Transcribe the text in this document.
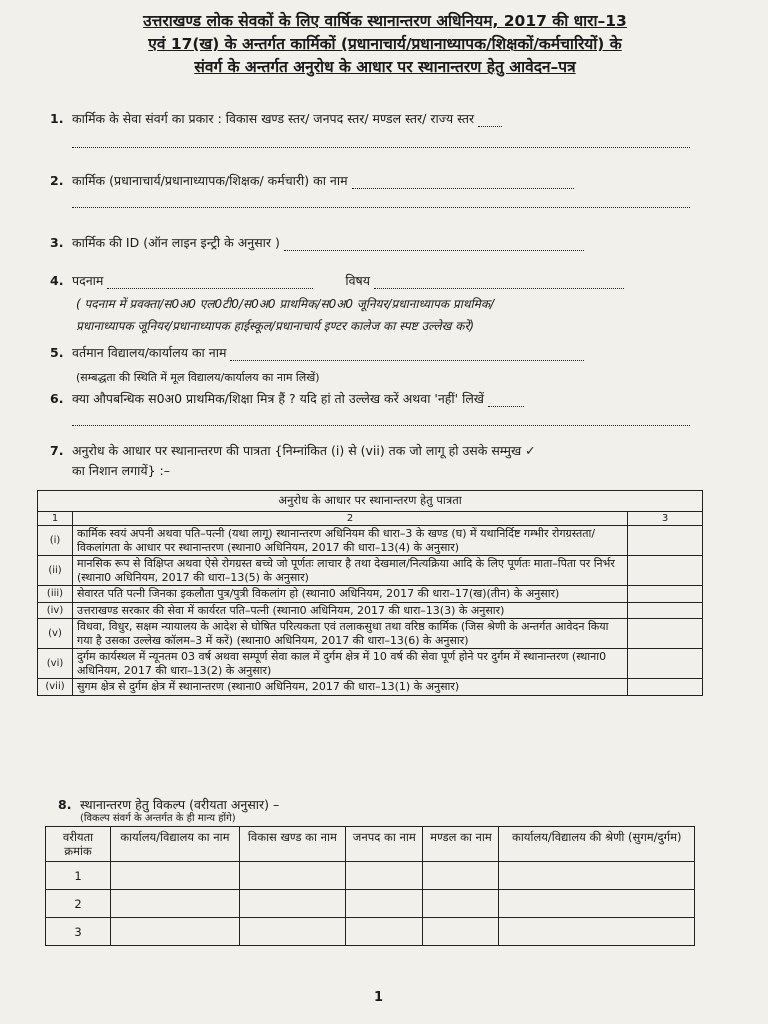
उत्तराखण्ड लोक सेवकों के लिए वार्षिक स्थानान्तरण अधिनियम, 2017 की धारा–13
एवं 17(ख) के अन्तर्गत कार्मिकों (प्रधानाचार्य/प्रधानाध्यापक/शिक्षकों/कर्मचारियों) के
संवर्ग के अन्तर्गत अनुरोध के आधार पर स्थानान्तरण हेतु आवेदन–पत्र
1. कार्मिक के सेवा संवर्ग का प्रकार : विकास खण्ड स्तर/ जनपद स्तर/ मण्डल स्तर/ राज्य स्तर
2. कार्मिक (प्रधानाचार्य/प्रधानाध्यापक/शिक्षक/ कर्मचारी) का नाम
3. कार्मिक की ID (ऑन लाइन इन्ट्री के अनुसार )
4. पदनाम	विषय
( पदनाम में प्रवक्ता/स0अ0 एल0टी0/स0अ0 प्राथमिक/स0अ0 जूनियर/प्रधानाध्यापक प्राथमिक/
प्रधानाध्यापक जूनियर/प्रधानाध्यापक हाईस्कूल/प्रधानाचार्य इण्टर कालेज का स्पष्ट उल्लेख करें)
5. वर्तमान विद्यालय/कार्यालय का नाम
(सम्बद्धता की स्थिति में मूल विद्यालय/कार्यालय का नाम लिखें)
6. क्या औपबन्धिक स0अ0 प्राथमिक/शिक्षा मित्र हैं ? यदि हां तो उल्लेख करें अथवा 'नहीं' लिखें
7. अनुरोध के आधार पर स्थानान्तरण की पात्रता {निम्नांकित (i) से (vii) तक जो लागू हो उसके सम्मुख ✓
का निशान लगायें} :–
अनुरोध के आधार पर स्थानान्तरण हेतु पात्रता		
1	2	3
(i)	कार्मिक स्वयं अपनी अथवा पति–पत्नी (यथा लागू) स्थानान्तरण अधिनियम की धारा–3 के खण्ड (घ) में यथानिर्दिष्ट गम्भीर रोगग्रस्तता/विकलांगता के आधार पर स्थानान्तरण (स्थाना0 अधिनियम, 2017 की धारा–13(4) के अनुसार)	
(ii)	मानसिक रूप से विक्षिप्त अथवा ऐसे रोगग्रस्त बच्चे जो पूर्णतः लाचार है तथा देखमाल/नित्यक्रिया आदि के लिए पूर्णतः माता–पिता पर निर्भर (स्थाना0 अधिनियम, 2017 की धारा–13(5) के अनुसार)	
(iii)	सेवारत पति पत्नी जिनका इकलौता पुत्र/पुत्री विकलांग हो (स्थाना0 अधिनियम, 2017 की धारा–17(ख)(तीन) के अनुसार)	
(iv)	उत्तराखण्ड सरकार की सेवा में कार्यरत पति–पत्नी (स्थाना0 अधिनियम, 2017 की धारा–13(3) के अनुसार)	
(v)	विधवा, विधुर, सक्षम न्यायालय के आदेश से घोषित परित्यकता एवं तलाकसुधा तथा वरिष्ठ कार्मिक (जिस श्रेणी के अन्तर्गत आवेदन किया गया है उसका उल्लेख कॉलम–3 में करें) (स्थाना0 अधिनियम, 2017 की धारा–13(6) के अनुसार)	
(vi)	दुर्गम कार्यस्थल में न्यूनतम 03 वर्ष अथवा सम्पूर्ण सेवा काल में दुर्गम क्षेत्र में 10 वर्ष की सेवा पूर्ण होने पर दुर्गम में स्थानान्तरण (स्थाना0 अधिनियम, 2017 की धारा–13(2) के अनुसार)	
(vii)	सुगम क्षेत्र से दुर्गम क्षेत्र में स्थानान्तरण (स्थाना0 अधिनियम, 2017 की धारा–13(1) के अनुसार)	
8. स्थानान्तरण हेतु विकल्प (वरीयता अनुसार) –
(विकल्प संवर्ग के अन्तर्गत के ही मान्य होंगे)
वरीयता क्रमांक	कार्यालय/विद्यालय का नाम	विकास खण्ड का नाम	जनपद का नाम	मण्डल का नाम	कार्यालय/विद्यालय की श्रेणी (सुगम/दुर्गम)
1					
2					
3					
1
